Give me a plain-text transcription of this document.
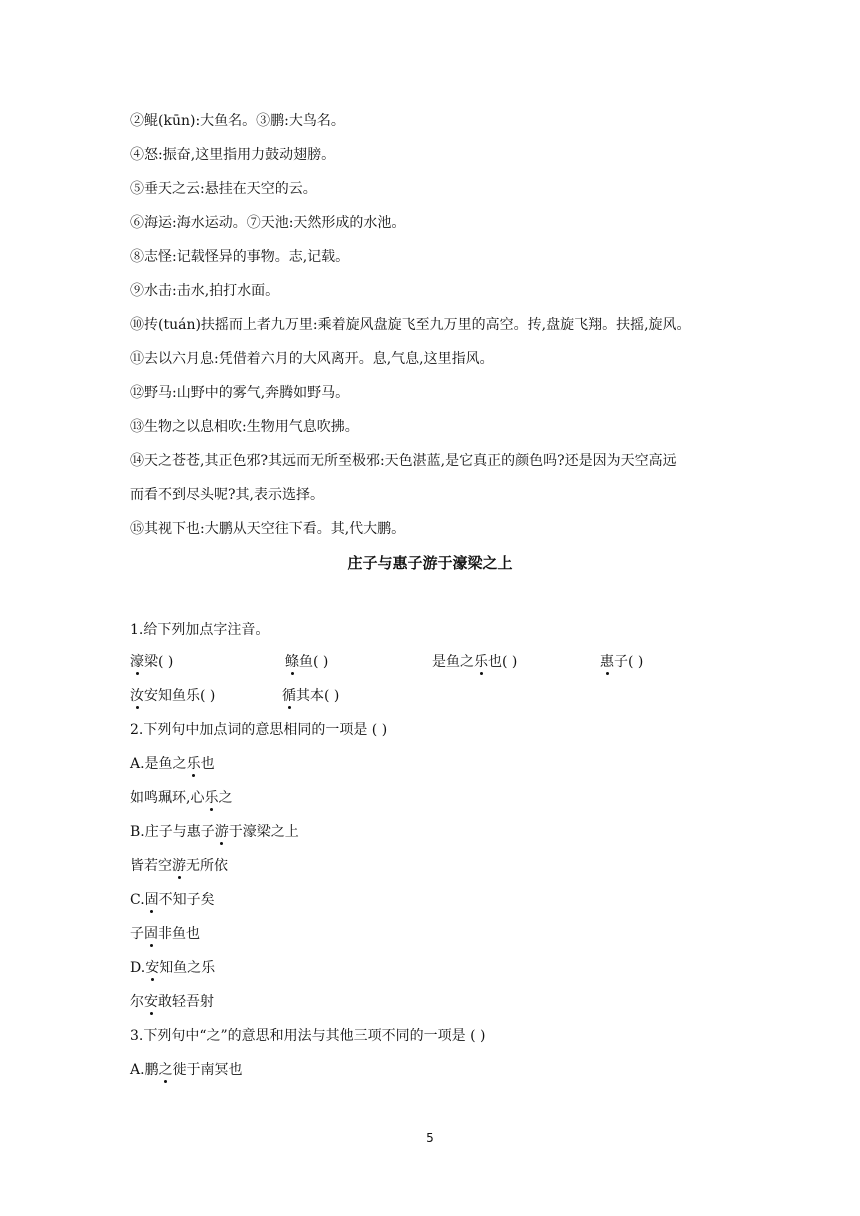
②鲲(kūn):大鱼名。③鹏:大鸟名。
④怒:振奋,这里指用力鼓动翅膀。
⑤垂天之云:悬挂在天空的云。
⑥海运:海水运动。⑦天池:天然形成的水池。
⑧志怪:记载怪异的事物。志,记载。
⑨水击:击水,拍打水面。
⑩抟(tuán)扶摇而上者九万里:乘着旋风盘旋飞至九万里的高空。抟,盘旋飞翔。扶摇,旋风。
⑪去以六月息:凭借着六月的大风离开。息,气息,这里指风。
⑫野马:山野中的雾气,奔腾如野马。
⑬生物之以息相吹:生物用气息吹拂。
⑭天之苍苍,其正色邪?其远而无所至极邪:天色湛蓝,是它真正的颜色吗?还是因为天空高远
而看不到尽头呢?其,表示选择。
⑮其视下也:大鹏从天空往下看。其,代大鹏。
庄子与惠子游于濠梁之上
1.给下列加点字注音。
濠梁( )	鲦鱼( )	是鱼之乐也( )	惠子( )
汝安知鱼乐( )	循其本( )
2.下列句中加点词的意思相同的一项是 ( )
A.是鱼之乐也
如鸣珮环,心乐之
B.庄子与惠子游于濠梁之上
皆若空游无所依
C.固不知子矣
子固非鱼也
D.安知鱼之乐
尔安敢轻吾射
3.下列句中“之”的意思和用法与其他三项不同的一项是 ( )
A.鹏之徙于南冥也
5
